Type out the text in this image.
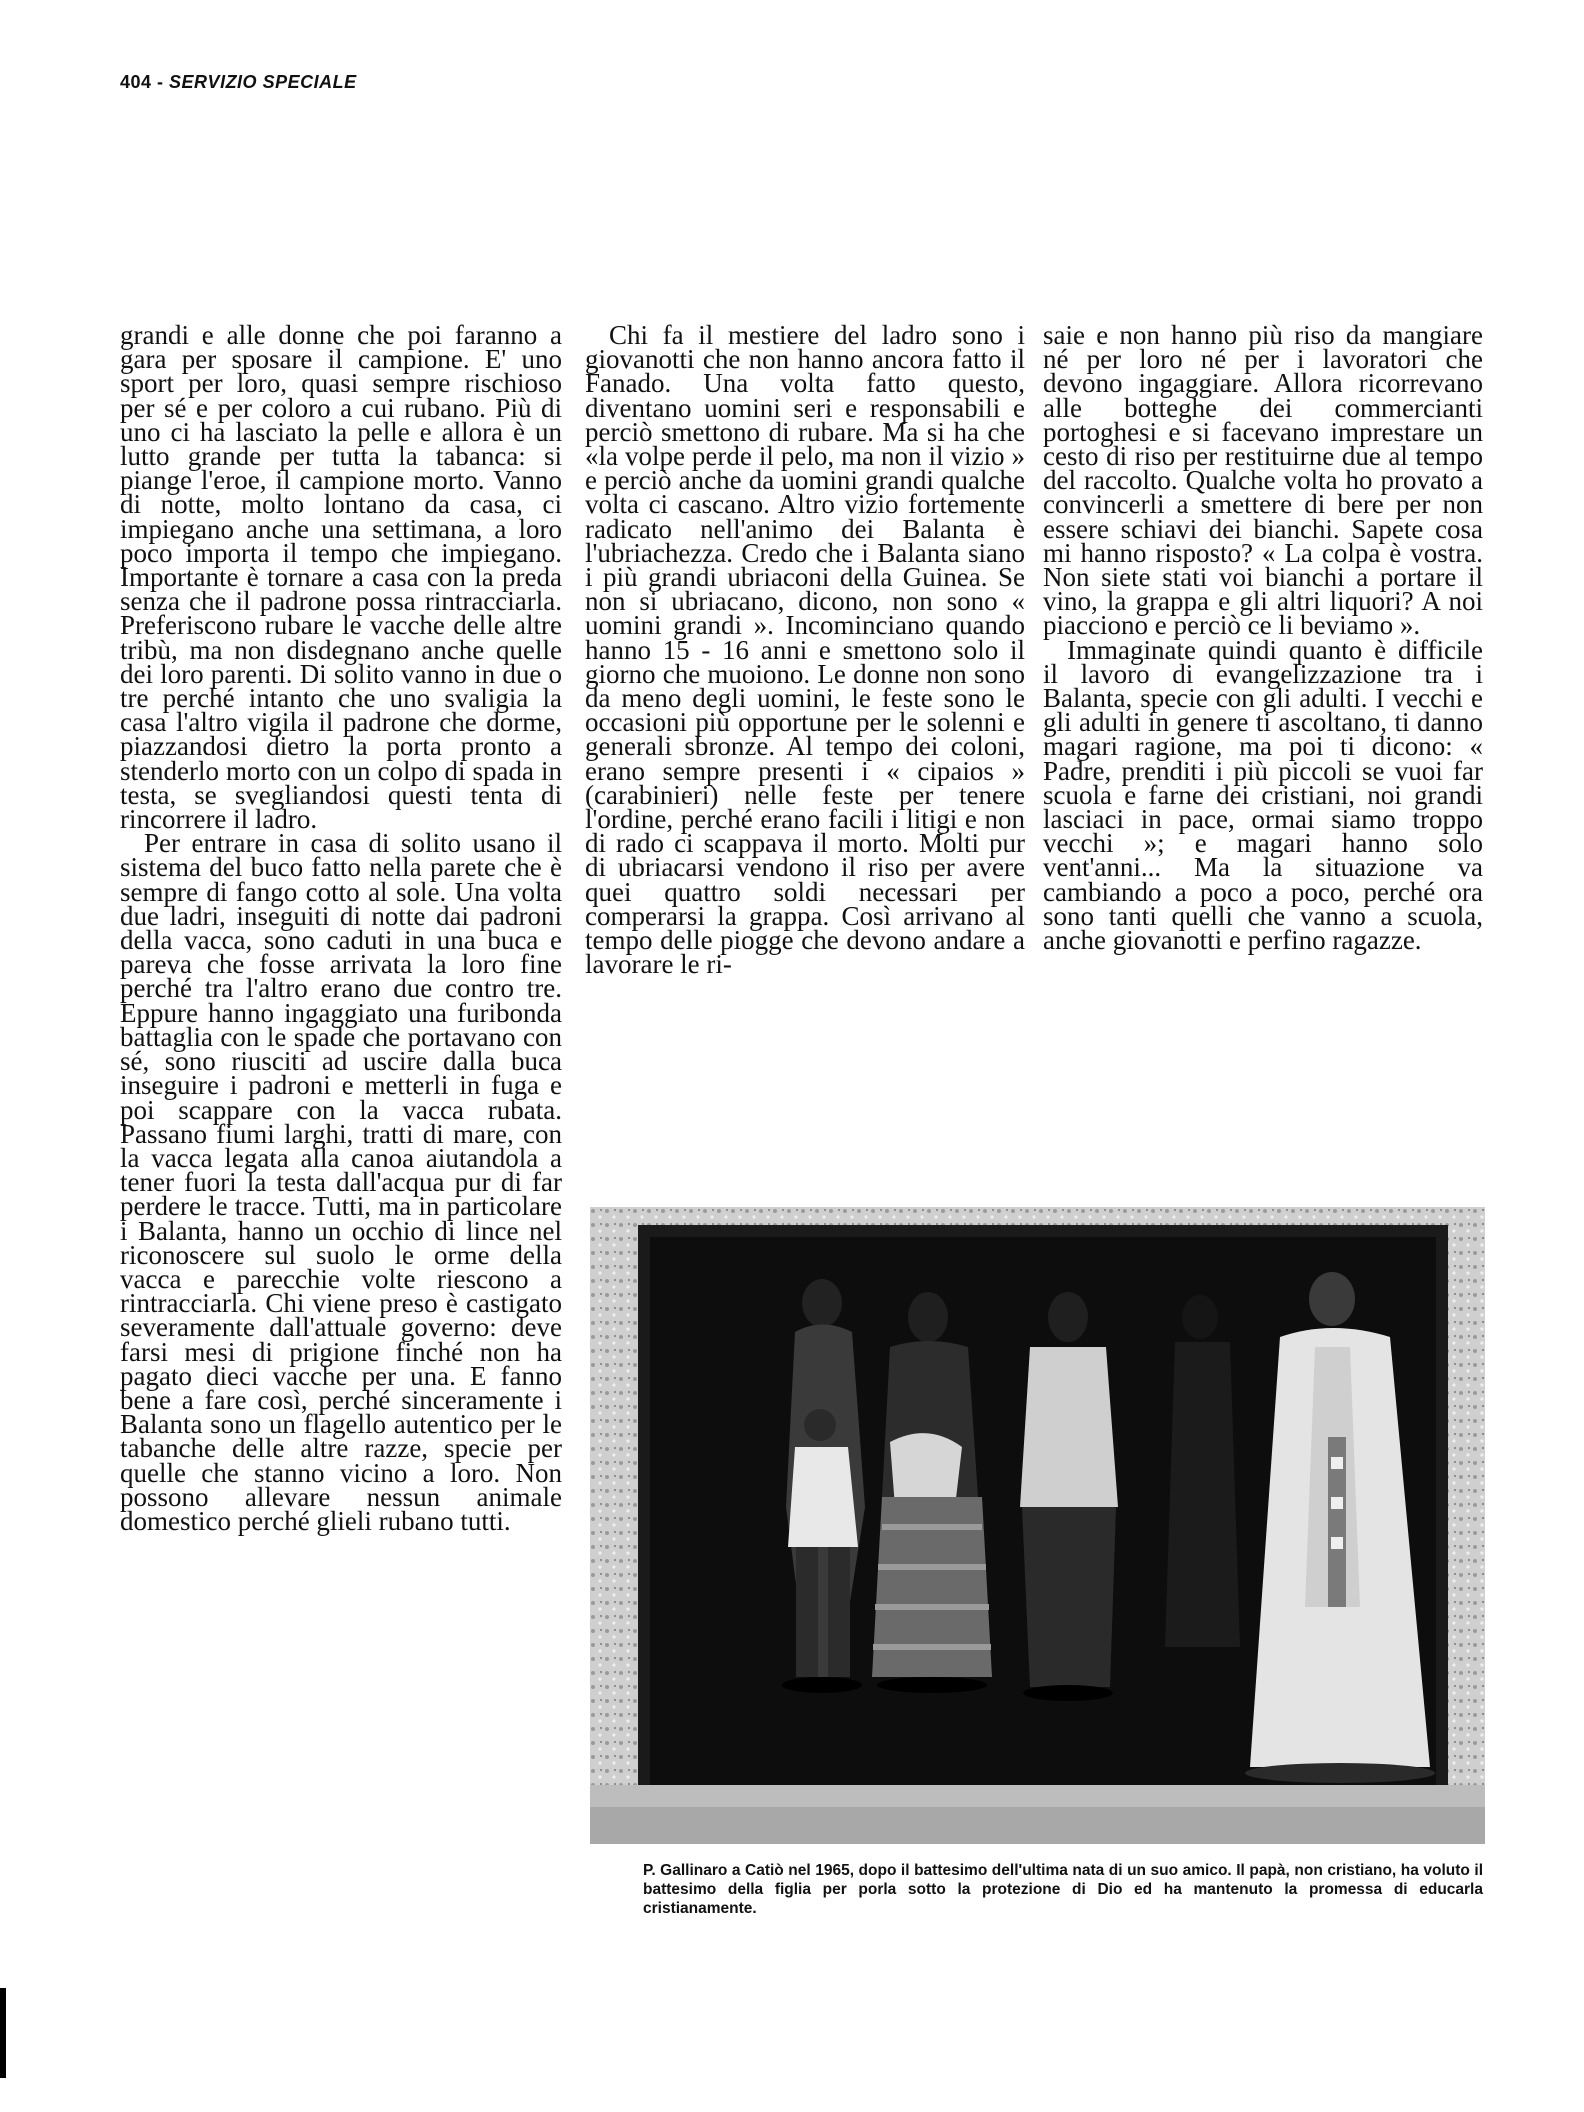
404 - SERVIZIO SPECIALE

grandi e alle donne che poi faranno a gara per sposare il campione. E' uno sport per loro, quasi sempre rischioso per sé e per coloro a cui rubano. Più di uno ci ha lasciato la pelle e allora è un lutto grande per tutta la tabanca: si piange l'eroe, il campione morto. Vanno di notte, molto lontano da casa, ci impiegano anche una settimana, a loro poco importa il tempo che impiegano. Importante è tornare a casa con la preda senza che il padrone possa rintracciarla. Preferiscono rubare le vacche delle altre tribù, ma non disdegnano anche quelle dei loro parenti. Di solito vanno in due o tre perché intanto che uno svaligia la casa l'altro vigila il padrone che dorme, piazzandosi dietro la porta pronto a stenderlo morto con un colpo di spada in testa, se svegliandosi questi tenta di rincorrere il ladro.

Per entrare in casa di solito usano il sistema del buco fatto nella parete che è sempre di fango cotto al sole. Una volta due ladri, inseguiti di notte dai padroni della vacca, sono caduti in una buca e pareva che fosse arrivata la loro fine perché tra l'altro erano due contro tre. Eppure hanno ingaggiato una furibonda battaglia con le spade che portavano con sé, sono riusciti ad uscire dalla buca inseguire i padroni e metterli in fuga e poi scappare con la vacca rubata. Passano fiumi larghi, tratti di mare, con la vacca legata alla canoa aiutandola a tener fuori la testa dall'acqua pur di far perdere le tracce. Tutti, ma in particolare i Balanta, hanno un occhio di lince nel riconoscere sul suolo le orme della vacca e parecchie volte riescono a rintracciarla. Chi viene preso è castigato severamente dall'attuale governo: deve farsi mesi di prigione finché non ha pagato dieci vacche per una. E fanno bene a fare così, perché sinceramente i Balanta sono un flagello autentico per le tabanche delle altre razze, specie per quelle che stanno vicino a loro. Non possono allevare nessun animale domestico perché glieli rubano tutti.

Chi fa il mestiere del ladro sono i giovanotti che non hanno ancora fatto il Fanado. Una volta fatto questo, diventano uomini seri e responsabili e perciò smettono di rubare. Ma si ha che «la volpe perde il pelo, ma non il vizio » e perciò anche da uomini grandi qualche volta ci cascano. Altro vizio fortemente radicato nell'animo dei Balanta è l'ubriachezza. Credo che i Balanta siano i più grandi ubriaconi della Guinea. Se non si ubriacano, dicono, non sono « uomini grandi ». Incominciano quando hanno 15 - 16 anni e smettono solo il giorno che muoiono. Le donne non sono da meno degli uomini, le feste sono le occasioni più opportune per le solenni e generali sbronze. Al tempo dei coloni, erano sempre presenti i « cipaios » (carabinieri) nelle feste per tenere l'ordine, perché erano facili i litigi e non di rado ci scappava il morto. Molti pur di ubriacarsi vendono il riso per avere quei quattro soldi necessari per comperarsi la grappa. Così arrivano al tempo delle piogge che devono andare a lavorare le ri-

saie e non hanno più riso da mangiare né per loro né per i lavoratori che devono ingaggiare. Allora ricorrevano alle botteghe dei commercianti portoghesi e si facevano imprestare un cesto di riso per restituirne due al tempo del raccolto. Qualche volta ho provato a convincerli a smettere di bere per non essere schiavi dei bianchi. Sapete cosa mi hanno risposto? « La colpa è vostra. Non siete stati voi bianchi a portare il vino, la grappa e gli altri liquori? A noi piacciono e perciò ce li beviamo ».

Immaginate quindi quanto è difficile il lavoro di evangelizzazione tra i Balanta, specie con gli adulti. I vecchi e gli adulti in genere ti ascoltano, ti danno magari ragione, ma poi ti dicono: « Padre, prenditi i più piccoli se vuoi far scuola e farne dei cristiani, noi grandi lasciaci in pace, ormai siamo troppo vecchi »; e magari hanno solo vent'anni... Ma la situazione va cambiando a poco a poco, perché ora sono tanti quelli che vanno a scuola, anche giovanotti e perfino ragazze.

P. Gallinaro a Catiò nel 1965, dopo il battesimo dell'ultima nata di un suo amico. Il papà, non cristiano, ha voluto il battesimo della figlia per porla sotto la protezione di Dio ed ha mantenuto la promessa di educarla cristianamente.
